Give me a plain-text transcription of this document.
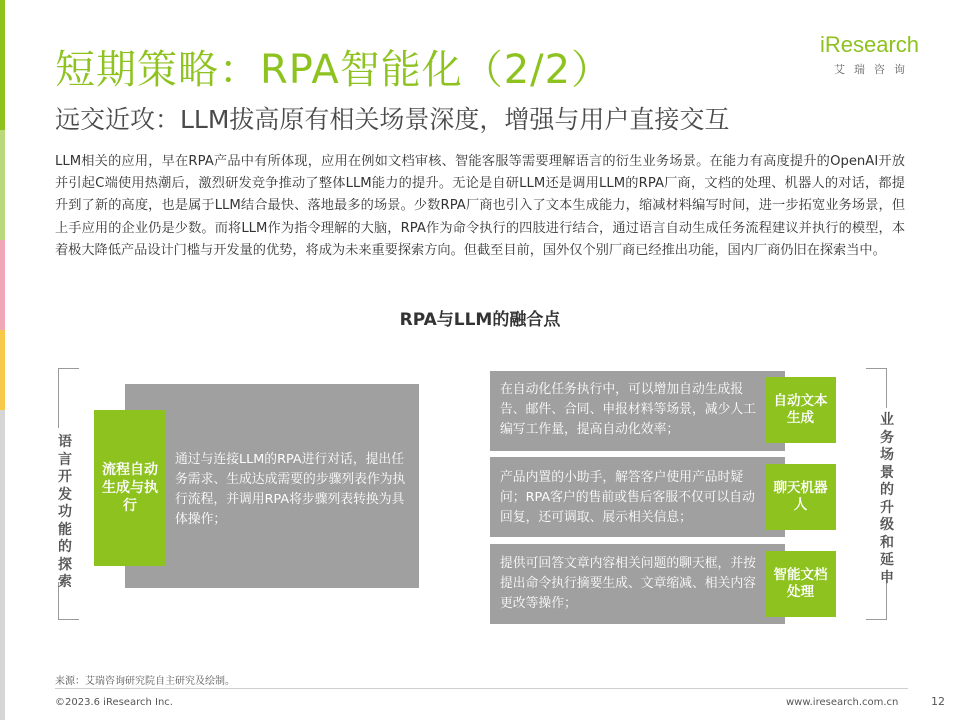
短期策略：RPA智能化（2/2）
远交近攻：LLM拔高原有相关场景深度，增强与用户直接交互
iResearch
艾瑞咨询
LLM相关的应用，早在RPA产品中有所体现，应用在例如文档审核、智能客服等需要理解语言的衍生业务场景。在能力有高度提升的OpenAI开放并引起C端使用热潮后，激烈研发竞争推动了整体LLM能力的提升。无论是自研LLM还是调用LLM的RPA厂商，文档的处理、机器人的对话，都提升到了新的高度，也是属于LLM结合最快、落地最多的场景。少数RPA厂商也引入了文本生成能力，缩减材料编写时间，进一步拓宽业务场景，但上手应用的企业仍是少数。而将LLM作为指令理解的大脑，RPA作为命令执行的四肢进行结合，通过语言自动生成任务流程建议并执行的模型，本着极大降低产品设计门槛与开发量的优势，将成为未来重要探索方向。但截至目前，国外仅个别厂商已经推出功能，国内厂商仍旧在探索当中。
RPA与LLM的融合点
语言开发功能的探索
业务场景的升级和延申
流程自动生成与执行
通过与连接LLM的RPA进行对话，提出任务需求、生成达成需要的步骤列表作为执行流程，并调用RPA将步骤列表转换为具体操作；
在自动化任务执行中，可以增加自动生成报告、邮件、合同、申报材料等场景，减少人工编写工作量，提高自动化效率；
自动文本生成
产品内置的小助手，解答客户使用产品时疑问；RPA客户的售前或售后客服不仅可以自动回复，还可调取、展示相关信息；
聊天机器人
提供可回答文章内容相关问题的聊天框，并按提出命令执行摘要生成、文章缩减、相关内容更改等操作；
智能文档处理
来源：艾瑞咨询研究院自主研究及绘制。
©2023.6 iResearch Inc.	www.iresearch.com.cn	12
